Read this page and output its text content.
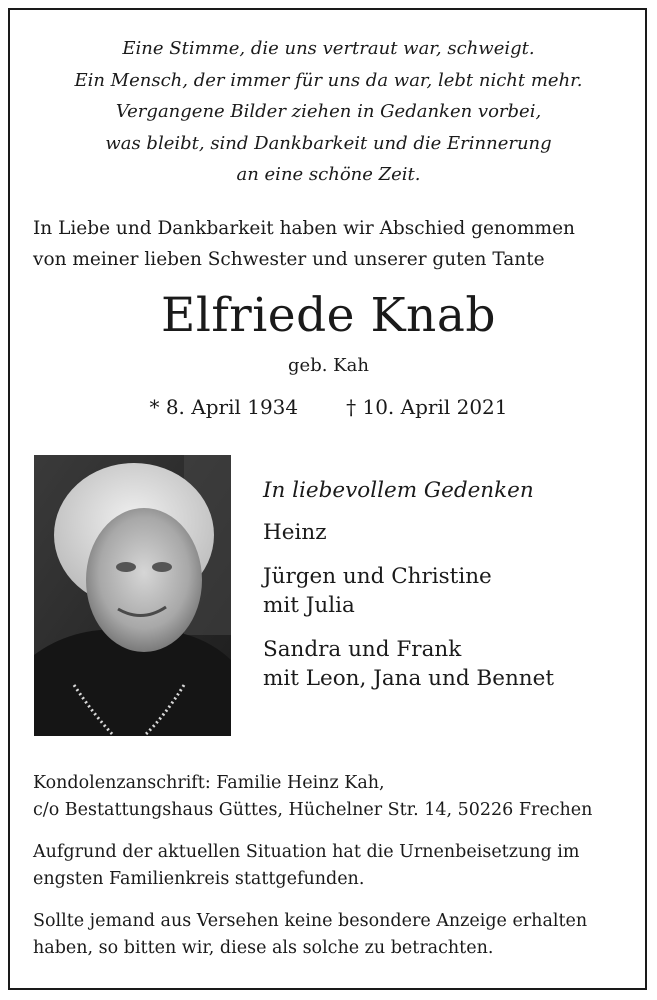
Eine Stimme, die uns vertraut war, schweigt.
Ein Mensch, der immer für uns da war, lebt nicht mehr.
Vergangene Bilder ziehen in Gedanken vorbei,
was bleibt, sind Dankbarkeit und die Erinnerung
an eine schöne Zeit.
In Liebe und Dankbarkeit haben wir Abschied genommen
von meiner lieben Schwester und unserer guten Tante
Elfriede Knab
geb. Kah
* 8. April 1934 † 10. April 2021
In liebevollem Gedenken
Heinz
Jürgen und Christine
mit Julia
Sandra und Frank
mit Leon, Jana und Bennet

Kondolenzanschrift: Familie Heinz Kah,
c/o Bestattungshaus Güttes, Hüchelner Str. 14, 50226 Frechen

Aufgrund der aktuellen Situation hat die Urnenbeisetzung im
engsten Familienkreis stattgefunden.

Sollte jemand aus Versehen keine besondere Anzeige erhalten
haben, so bitten wir, diese als solche zu betrachten.
